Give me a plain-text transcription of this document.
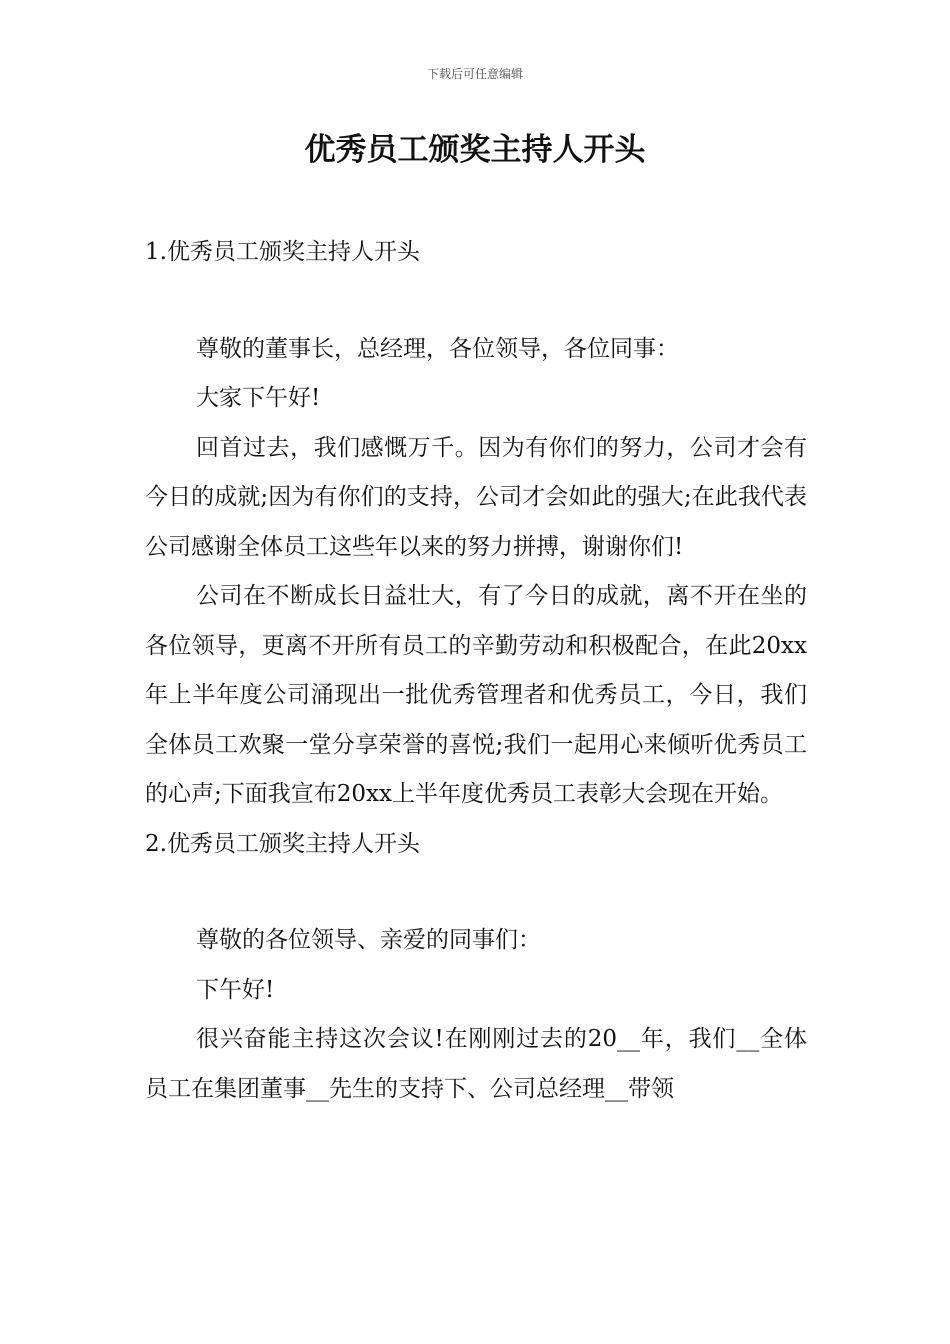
下载后可任意编辑
优秀员工颁奖主持人开头

1.优秀员工颁奖主持人开头

尊敬的董事长，总经理，各位领导，各位同事：

大家下午好!

回首过去，我们感慨万千。因为有你们的努力，公司才会有今日的成就;因为有你们的支持，公司才会如此的强大;在此我代表公司感谢全体员工这些年以来的努力拼搏，谢谢你们!

公司在不断成长日益壮大，有了今日的成就，离不开在坐的各位领导，更离不开所有员工的辛勤劳动和积极配合，在此20xx年上半年度公司涌现出一批优秀管理者和优秀员工，今日，我们全体员工欢聚一堂分享荣誉的喜悦;我们一起用心来倾听优秀员工的心声;下面我宣布20xx上半年度优秀员工表彰大会现在开始。

2.优秀员工颁奖主持人开头

尊敬的各位领导、亲爱的同事们：

下午好!

很兴奋能主持这次会议!在刚刚过去的20__年，我们__全体员工在集团董事__先生的支持下、公司总经理__带领
